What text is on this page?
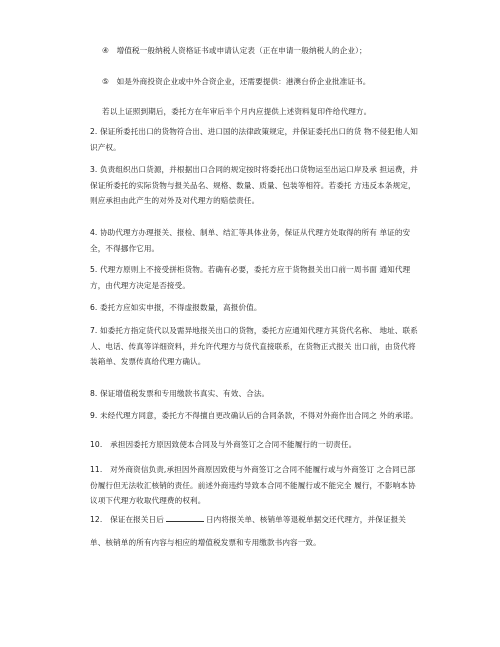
④　增值税一般纳税人资格证书或申请认定表（正在申请一般纳税人的企业）；

⑤　如是外商投资企业或中外合资企业，还需要提供：港澳台侨企业批准证书。

若以上证照到期后，委托方在年审后半个月内应提供上述资料复印件给代理方。

2. 保证所委托出口的货物符合出、进口国的法律政策规定，并保证委托出口的货 物不侵犯他人知识产权。

3. 负责组织出口货源，并根据出口合同的规定按时将委托出口货物运至出运口岸及承 担运费，并保证所委托的实际货物与报关品名、规格、数量、质量、包装等相符。若委托 方违反本条规定，则应承担由此产生的对外及对代理方的赔偿责任。

4. 协助代理方办理报关、报检、制单、结汇等具体业务，保证从代理方处取得的所有 单证的安全，不得挪作它用。

5. 代理方原则上不接受拼柜货物。若确有必要，委托方应于货物报关出口前一周书面 通知代理方，由代理方决定是否接受。

6. 委托方应如实申报，不得虚报数量，高报价值。

7. 如委托方指定货代以及需异地报关出口的货物，委托方应通知代理方其货代名称、 地址、联系人、电话、传真等详细资料，并允许代理方与货代直接联系，在货物正式报关 出口前，由货代将装箱单、发票传真给代理方确认。

8. 保证增值税发票和专用缴款书真实、有效、合法。

9. 未经代理方同意，委托方不得擅自更改确认后的合同条款，不得对外商作出合同之 外的承诺。

10.　承担因委托方原因致使本合同及与外商签订之合同不能履行的一切责任。

11.　对外商资信负责,承担因外商原因致使与外商签订之合同不能履行或与外商签订 之合同已部份履行但无法收汇核销的责任。前述外商违约导致本合同不能履行或不能完全 履行，不影响本协议项下代理方收取代理费的权利。

12.　保证在报关日后	日内将报关单、核销单等退税单据交还代理方，并保证报关

单、核销单的所有内容与相应的增值税发票和专用缴款书内容一致。
